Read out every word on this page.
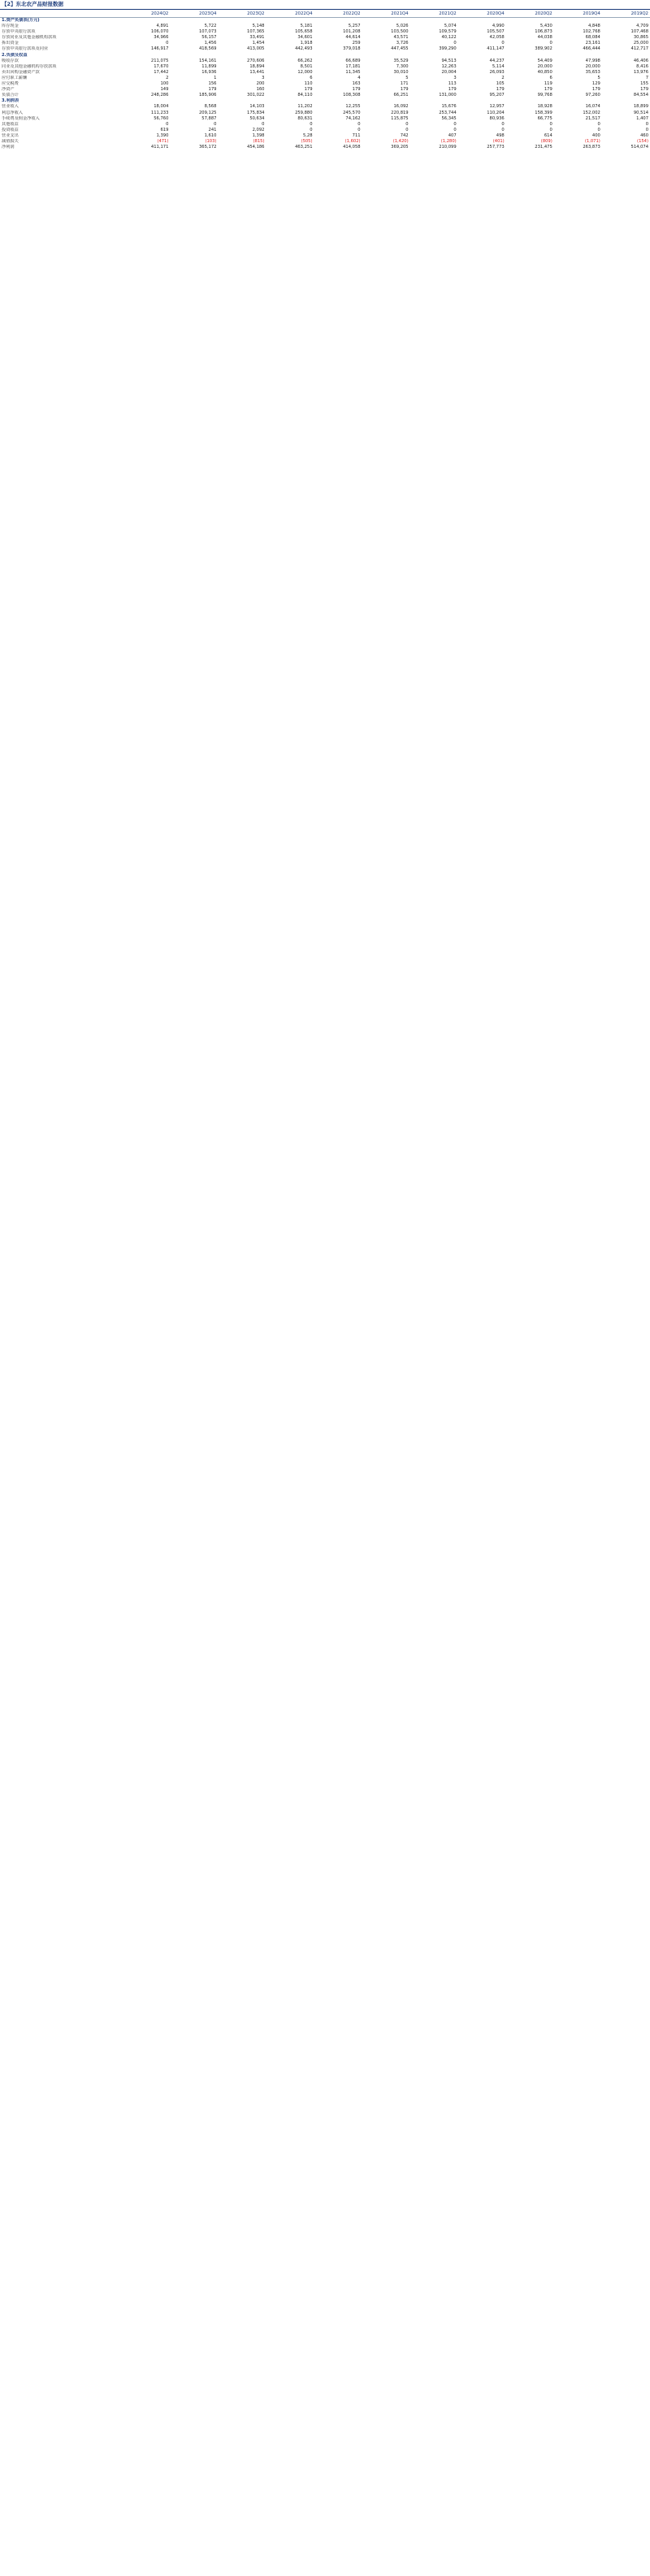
【2】东北农产品财报数据
	2024Q2	2023Q4	2023Q2	2022Q4	2022Q2	2021Q4	2021Q2	2020Q4	2020Q2	2019Q4	2019Q2
1.资产负债表(万元)											
库存现金	4,891	5,722	5,148	5,181	5,257	5,026	5,074	4,990	5,430	4,848	4,709
存放中央银行款项	106,070	107,073	107,365	105,658	101,208	103,500	109,579	105,507	106,873	102,768	107,468
存放同业及其他金融机构款项	34,966	56,157	33,491	34,601	44,614	43,571	40,122	42,058	44,038	68,084	30,865
拆出资金	0	1,456	1,454	1,918	259	3,726	0	0	0	23,161	25,000
存放中央银行款项及同业	146,917	418,569	413,005	442,493	379,018	447,455	399,290	411,147	389,902	466,444	412,717
2.负债及权益											
吸收存款	211,075	154,161	270,606	66,262	66,689	35,529	94,513	44,237	54,409	47,998	46,406
同业及其他金融机构存放款项	17,670	11,899	18,894	8,501	17,181	7,300	12,263	5,114	20,000	20,000	8,416
卖出回购金融资产款	17,442	16,936	13,441	12,000	11,345	30,010	20,004	26,093	40,850	35,653	13,976
应付职工薪酬	2	1	3	6	4	5	3	2	6	5	7
应交税费	100	156	200	110	163	171	113	105	119	129	155
净资产	149	179	160	179	179	179	179	179	179	179	179
负债合计	248,286	185,906	301,022	84,110	108,308	66,251	131,000	95,207	99,768	97,260	84,554
3.利润表											
营业收入	18,004	8,568	14,103	11,202	12,255	16,092	15,676	12,957	18,928	16,074	18,899
利息净收入	111,233	209,125	175,834	259,880	245,570	220,819	253,744	110,204	158,399	152,002	90,514
手续费及佣金净收入	56,760	57,887	50,634	80,631	74,162	115,875	56,345	80,936	66,775	21,517	1,407
其他收益	0	0	0	0	0	0	0	0	0	0	0
投资收益	619	241	2,092	0	0	0	0	0	0	0	0
营业支出	1,390	1,610	1,398	5,28	711	742	407	498	614	400	460
减值损失	(471)	(103)	(815)	(505)	(1,602)	(1,420)	(1,280)	(401)	(809)	(1,071)	(154)
净利润	411,171	365,172	454,186	463,251	414,058	369,205	210,099	257,773	231,475	263,873	514,074
